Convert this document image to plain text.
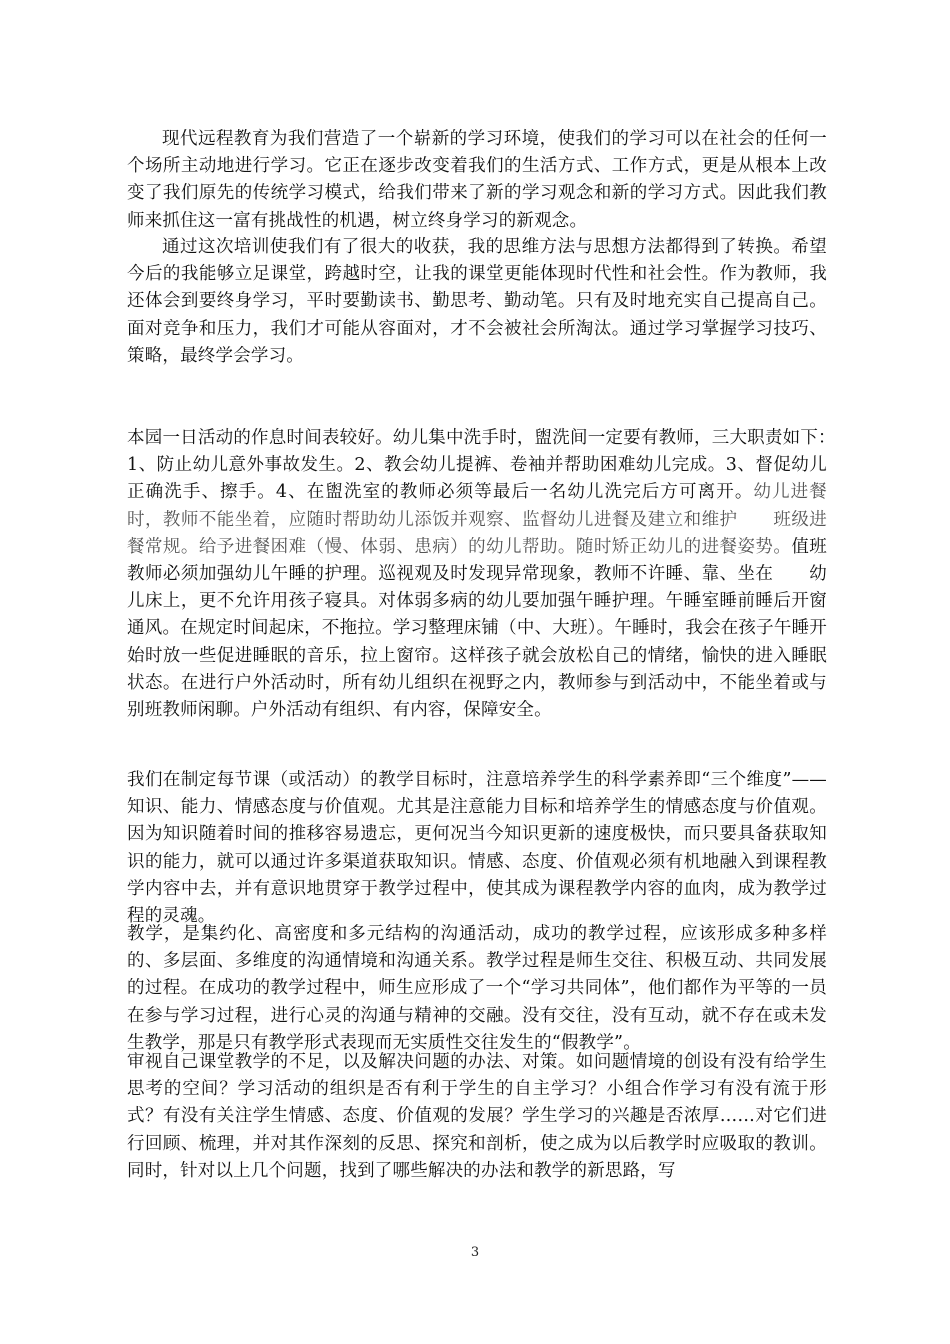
现代远程教育为我们营造了一个崭新的学习环境，使我们的学习可以在社会的任何一个场所主动地进行学习。它正在逐步改变着我们的生活方式、工作方式，更是从根本上改变了我们原先的传统学习模式，给我们带来了新的学习观念和新的学习方式。因此我们教师来抓住这一富有挑战性的机遇，树立终身学习的新观念。

通过这次培训使我们有了很大的收获，我的思维方法与思想方法都得到了转换。希望今后的我能够立足课堂，跨越时空，让我的课堂更能体现时代性和社会性。作为教师，我还体会到要终身学习，平时要勤读书、勤思考、勤动笔。只有及时地充实自己提高自己。面对竞争和压力，我们才可能从容面对，才不会被社会所淘汰。通过学习掌握学习技巧、策略，最终学会学习。

本园一日活动的作息时间表较好。幼儿集中洗手时，盥洗间一定要有教师，三大职责如下：　1、防止幼儿意外事故发生。2、教会幼儿提裤、卷袖并帮助困难幼儿完成。3、督促幼儿正确洗手、擦手。4、在盥洗室的教师必须等最后一名幼儿洗完后方可离开。幼儿进餐时，教师不能坐着，应随时帮助幼儿添饭并观察、监督幼儿进餐及建立和维护　　班级进餐常规。给予进餐困难（慢、体弱、患病）的幼儿帮助。随时矫正幼儿的进餐姿势。值班教师必须加强幼儿午睡的护理。巡视观及时发现异常现象，教师不许睡、靠、坐在　　幼儿床上，更不允许用孩子寝具。对体弱多病的幼儿要加强午睡护理。午睡室睡前睡后开窗通风。在规定时间起床，不拖拉。学习整理床铺（中、大班）。午睡时，我会在孩子午睡开始时放一些促进睡眠的音乐，拉上窗帘。这样孩子就会放松自己的情绪，愉快的进入睡眠状态。在进行户外活动时，所有幼儿组织在视野之内，教师参与到活动中，不能坐着或与别班教师闲聊。户外活动有组织、有内容，保障安全。

我们在制定每节课（或活动）的教学目标时，注意培养学生的科学素养即“三个维度”——知识、能力、情感态度与价值观。尤其是注意能力目标和培养学生的情感态度与价值观。因为知识随着时间的推移容易遗忘，更何况当今知识更新的速度极快，而只要具备获取知识的能力，就可以通过许多渠道获取知识。情感、态度、价值观必须有机地融入到课程教学内容中去，并有意识地贯穿于教学过程中，使其成为课程教学内容的血肉，成为教学过程的灵魂。

教学，是集约化、高密度和多元结构的沟通活动，成功的教学过程，应该形成多种多样的、多层面、多维度的沟通情境和沟通关系。教学过程是师生交往、积极互动、共同发展的过程。在成功的教学过程中，师生应形成了一个“学习共同体”，他们都作为平等的一员在参与学习过程，进行心灵的沟通与精神的交融。没有交往，没有互动，就不存在或未发生教学，那是只有教学形式表现而无实质性交往发生的“假教学”。

审视自己课堂教学的不足，以及解决问题的办法、对策。如问题情境的创设有没有给学生思考的空间？学习活动的组织是否有利于学生的自主学习？小组合作学习有没有流于形式？有没有关注学生情感、态度、价值观的发展？学生学习的兴趣是否浓厚……对它们进行回顾、梳理，并对其作深刻的反思、探究和剖析，使之成为以后教学时应吸取的教训。同时，针对以上几个问题，找到了哪些解决的办法和教学的新思路，写

3
